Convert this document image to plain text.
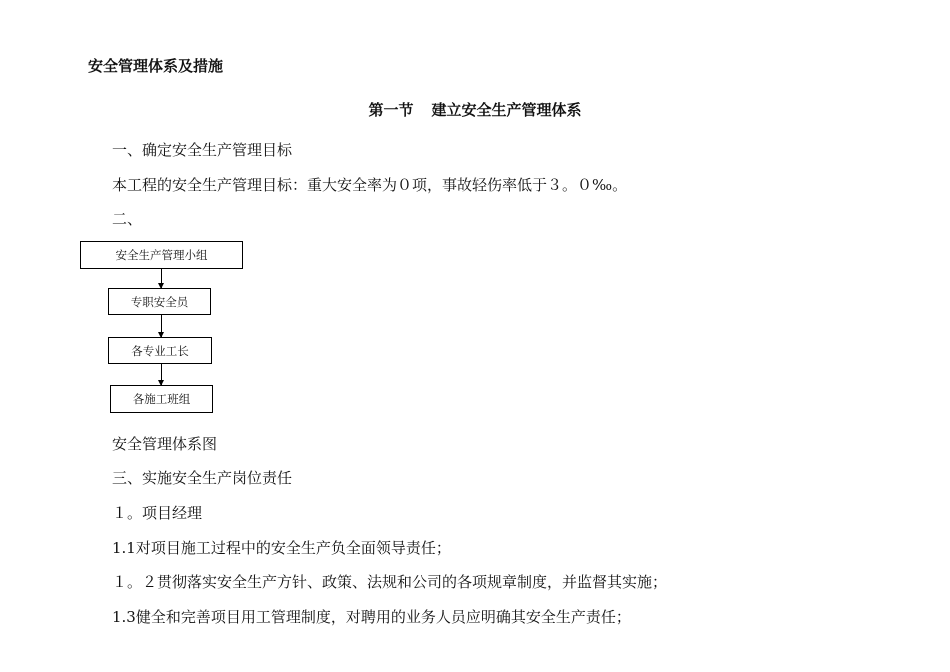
安全管理体系及措施
第一节 建立安全生产管理体系
一、确定安全生产管理目标
本工程的安全生产管理目标：重大安全率为０项，事故轻伤率低于３。０‰。
二、
安全生产管理小组
专职安全员
各专业工长
各施工班组
安全管理体系图
三、实施安全生产岗位责任
１。项目经理
1.1对项目施工过程中的安全生产负全面领导责任；
１。２贯彻落实安全生产方针、政策、法规和公司的各项规章制度，并监督其实施；
1.3健全和完善项目用工管理制度，对聘用的业务人员应明确其安全生产责任；
